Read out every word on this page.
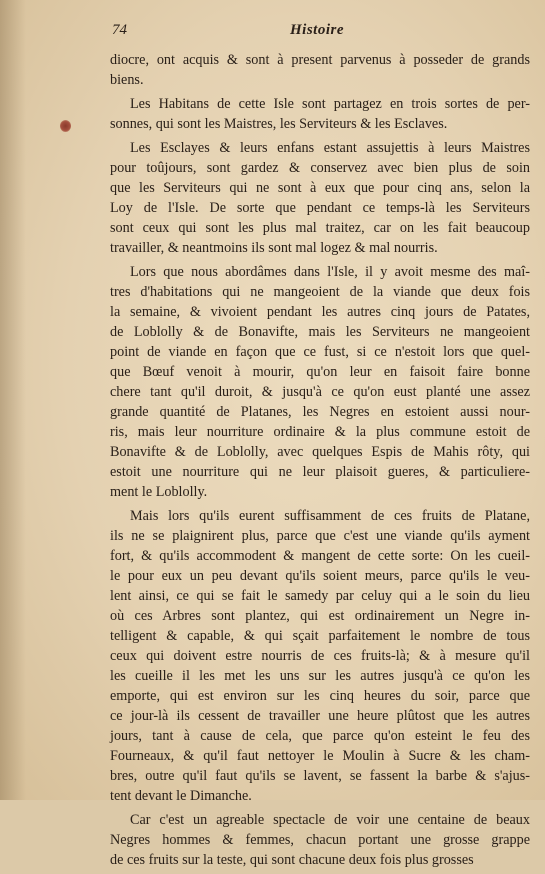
74	Histoire
diocre, ont acquis & sont à present parvenus à posseder de grands
biens.
Les Habitans de cette Isle sont partagez en trois sortes de per-
sonnes, qui sont les Maistres, les Serviteurs & les Esclaves.
Les Esclayes & leurs enfans estant assujettis à leurs Maistres
pour toûjours, sont gardez & conservez avec bien plus de soin
que les Serviteurs qui ne sont à eux que pour cinq ans, selon la
Loy de l'Isle. De sorte que pendant ce temps-là les Serviteurs
sont ceux qui sont les plus mal traitez, car on les fait beaucoup
travailler, & neantmoins ils sont mal logez & mal nourris.
Lors que nous abordâmes dans l'Isle, il y avoit mesme des maî-
tres d'habitations qui ne mangeoient de la viande que deux fois
la semaine, & vivoient pendant les autres cinq jours de Patates,
de Loblolly & de Bonavifte, mais les Serviteurs ne mangeoient
point de viande en façon que ce fust, si ce n'estoit lors que quel-
que Bœuf venoit à mourir, qu'on leur en faisoit faire bonne
chere tant qu'il duroit, & jusqu'à ce qu'on eust planté une assez
grande quantité de Platanes, les Negres en estoient aussi nour-
ris, mais leur nourriture ordinaire & la plus commune estoit de
Bonavifte & de Loblolly, avec quelques Espis de Mahis rôty, qui
estoit une nourriture qui ne leur plaisoit gueres, & particuliere-
ment le Loblolly.
Mais lors qu'ils eurent suffisamment de ces fruits de Platane,
ils ne se plaignirent plus, parce que c'est une viande qu'ils ayment
fort, & qu'ils accommodent & mangent de cette sorte: On les cueil-
le pour eux un peu devant qu'ils soient meurs, parce qu'ils le veu-
lent ainsi, ce qui se fait le samedy par celuy qui a le soin du lieu
où ces Arbres sont plantez, qui est ordinairement un Negre in-
telligent & capable, & qui sçait parfaitement le nombre de tous
ceux qui doivent estre nourris de ces fruits-là; & à mesure qu'il
les cueille il les met les uns sur les autres jusqu'à ce qu'on les
emporte, qui est environ sur les cinq heures du soir, parce que
ce jour-là ils cessent de travailler une heure plûtost que les autres
jours, tant à cause de cela, que parce qu'on esteint le feu des
Fourneaux, & qu'il faut nettoyer le Moulin à Sucre & les cham-
bres, outre qu'il faut qu'ils se lavent, se fassent la barbe & s'ajus-
tent devant le Dimanche.
Car c'est un agreable spectacle de voir une centaine de beaux
Negres hommes & femmes, chacun portant une grosse grappe
de ces fruits sur la teste, qui sont chacune deux fois plus grosses
